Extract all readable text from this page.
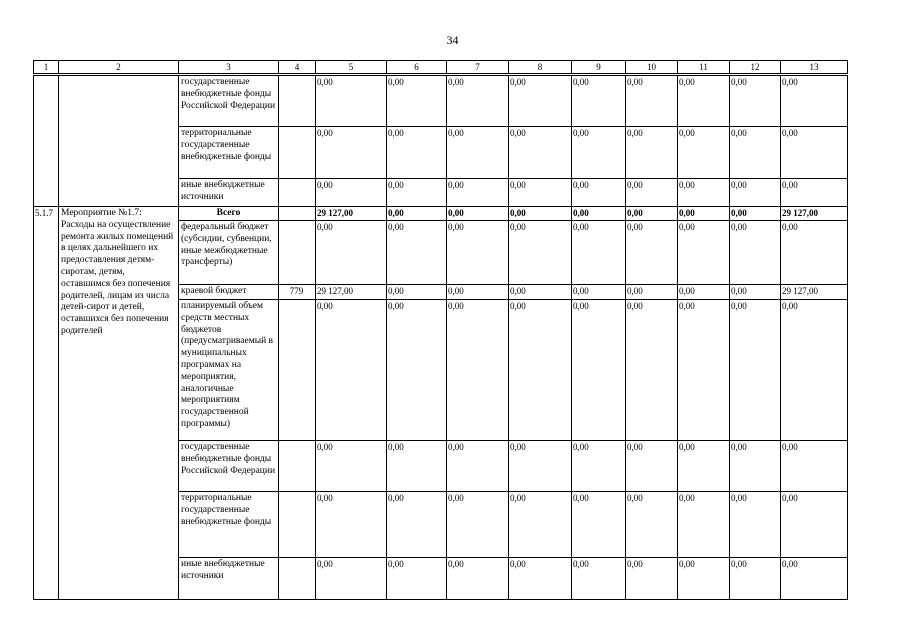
34
1	2	3	4	5	6	7	8	9	10	11	12	13
		государственные внебюджетные фонды Российской Федерации		0,00	0,00	0,00	0,00	0,00	0,00	0,00	0,00	0,00
		территориальные государственные внебюджетные фонды		0,00	0,00	0,00	0,00	0,00	0,00	0,00	0,00	0,00
		иные внебюджетные источники		0,00	0,00	0,00	0,00	0,00	0,00	0,00	0,00	0,00
5.1.7	Мероприятие №1.7: Расходы на осуществление ремонта жилых помещений в целях дальнейшего их предоставления детям-сиротам, детям, оставшимся без попечения родителей, лицам из числа детей-сирот и детей, оставшихся без попечения родителей	Всего		29 127,00	0,00	0,00	0,00	0,00	0,00	0,00	0,00	29 127,00
		федеральный бюджет (субсидии, субвенции, иные межбюджетные трансферты)		0,00	0,00	0,00	0,00	0,00	0,00	0,00	0,00	0,00
		краевой бюджет	779	29 127,00	0,00	0,00	0,00	0,00	0,00	0,00	0,00	29 127,00
		планируемый объем средств местных бюджетов (предусматриваемый в муниципальных программах на мероприятия, аналогичные мероприятиям государственной программы)		0,00	0,00	0,00	0,00	0,00	0,00	0,00	0,00	0,00
		государственные внебюджетные фонды Российской Федерации		0,00	0,00	0,00	0,00	0,00	0,00	0,00	0,00	0,00
		территориальные государственные внебюджетные фонды		0,00	0,00	0,00	0,00	0,00	0,00	0,00	0,00	0,00
		иные внебюджетные источники		0,00	0,00	0,00	0,00	0,00	0,00	0,00	0,00	0,00
